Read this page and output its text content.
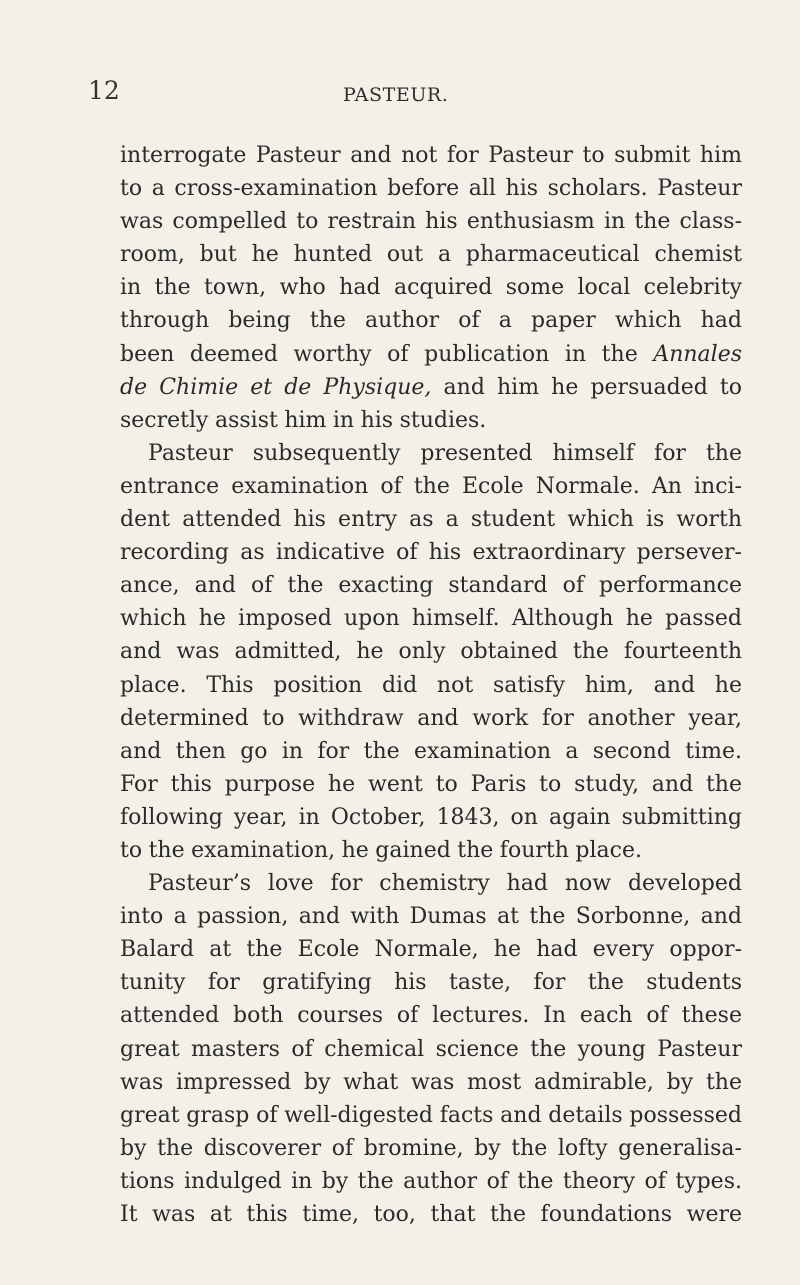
12	PASTEUR.
interrogate Pasteur and not for Pasteur to submit him
to a cross-examination before all his scholars. Pasteur
was compelled to restrain his enthusiasm in the class-
room, but he hunted out a pharmaceutical chemist
in the town, who had acquired some local celebrity
through being the author of a paper which had
been deemed worthy of publication in the Annales
de Chimie et de Physique, and him he persuaded to
secretly assist him in his studies.
Pasteur subsequently presented himself for the
entrance examination of the Ecole Normale. An inci-
dent attended his entry as a student which is worth
recording as indicative of his extraordinary persever-
ance, and of the exacting standard of performance
which he imposed upon himself. Although he passed
and was admitted, he only obtained the fourteenth
place. This position did not satisfy him, and he
determined to withdraw and work for another year,
and then go in for the examination a second time.
For this purpose he went to Paris to study, and the
following year, in October, 1843, on again submitting
to the examination, he gained the fourth place.
Pasteur’s love for chemistry had now developed
into a passion, and with Dumas at the Sorbonne, and
Balard at the Ecole Normale, he had every oppor-
tunity for gratifying his taste, for the students
attended both courses of lectures. In each of these
great masters of chemical science the young Pasteur
was impressed by what was most admirable, by the
great grasp of well-digested facts and details possessed
by the discoverer of bromine, by the lofty generalisa-
tions indulged in by the author of the theory of types.
It was at this time, too, that the foundations were
